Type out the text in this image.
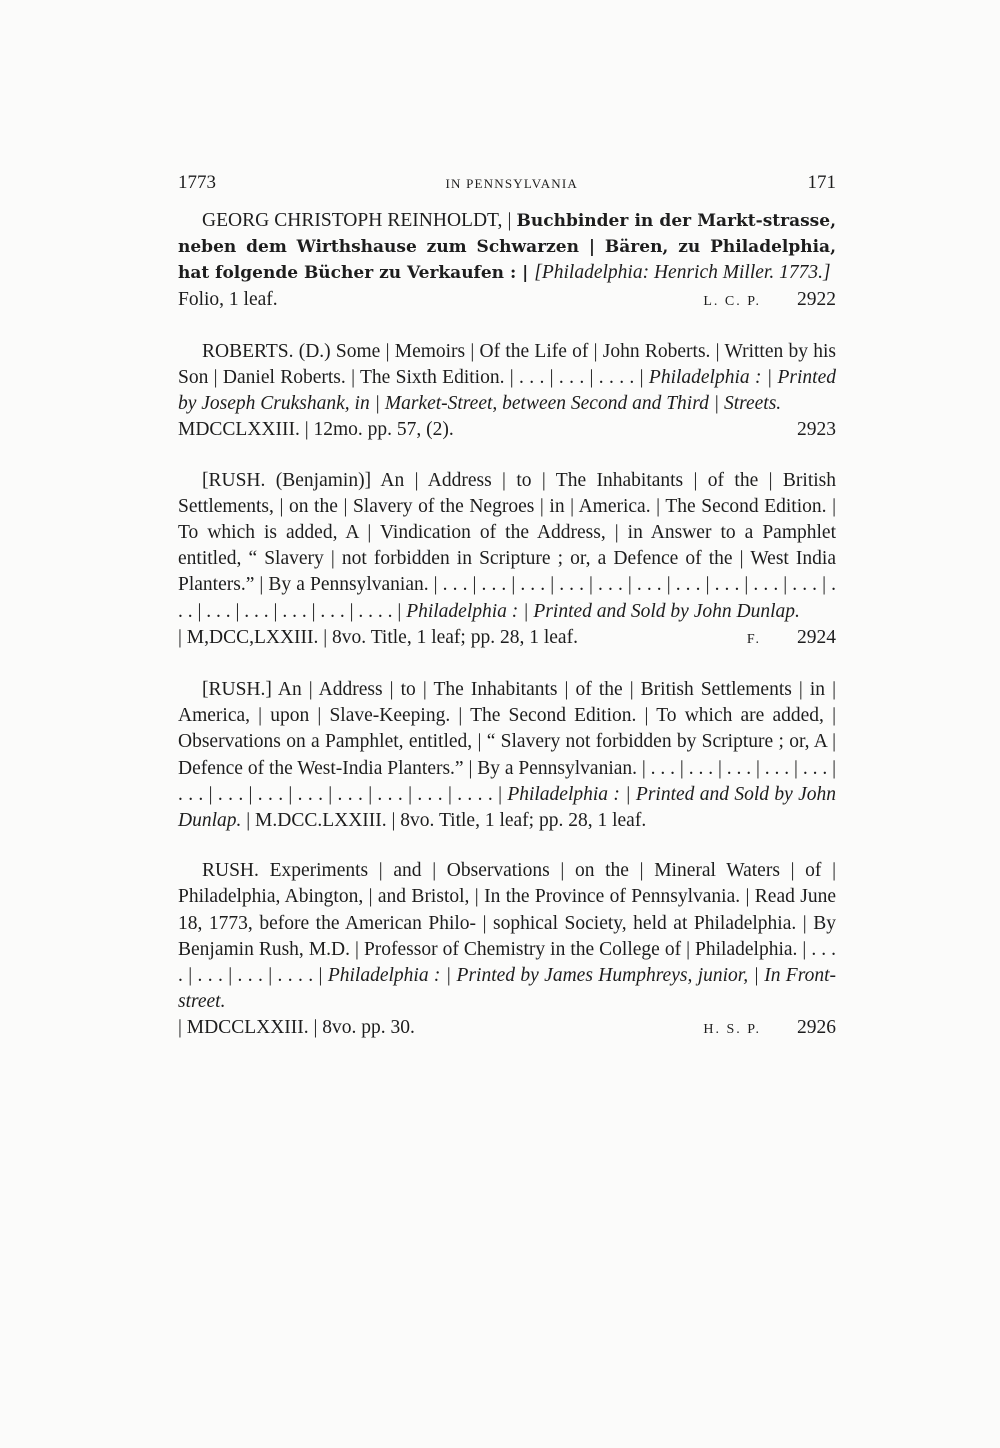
1773	IN PENNSYLVANIA	171

GEORG CHRISTOPH REINHOLDT, | Buchbinder in der Markt-strasse, neben dem Wirthshause zum Schwarzen | Bären, zu Philadelphia, hat folgende Bücher zu Verkaufen : | [Philadelphia: Henrich Miller. 1773.]

Folio, 1 leaf.	L. C. P. 2922

ROBERTS. (D.) Some | Memoirs | Of the Life of | John Roberts. | Written by his Son | Daniel Roberts. | The Sixth Edition. | . . . | . . . | . . . . | Philadelphia : | Printed by Joseph Crukshank, in | Market-Street, between Second and Third | Streets.

MDCCLXXIII. | 12mo. pp. 57, (2).	2923

[RUSH. (Benjamin)] An | Address | to | The Inhabitants | of the | British Settlements, | on the | Slavery of the Negroes | in | America. | The Second Edition. | To which is added, A | Vindication of the Address, | in Answer to a Pamphlet entitled, “ Slavery | not forbidden in Scripture ; or, a Defence of the | West India Planters.” | By a Pennsylvanian. | . . . | . . . | . . . | . . . | . . . | . . . | . . . | . . . | . . . | . . . | . . . | . . . | . . . | . . . | . . . | . . . . | Philadelphia : | Printed and Sold by John Dunlap.

| M,DCC,LXXIII. | 8vo. Title, 1 leaf; pp. 28, 1 leaf.	F. 2924

[RUSH.] An | Address | to | The Inhabitants | of the | British Settlements | in | America, | upon | Slave-Keeping. | The Second Edition. | To which are added, | Observations on a Pamphlet, entitled, | “ Slavery not forbidden by Scripture ; or, A | Defence of the West-India Planters.” | By a Pennsylvanian. | . . . | . . . | . . . | . . . | . . . | . . . | . . . | . . . | . . . | . . . | . . . | . . . | . . . . | Philadelphia : | Printed and Sold by John Dunlap. | M.DCC.LXXIII. | 8vo. Title, 1 leaf; pp. 28, 1 leaf.

RUSH. Experiments | and | Observations | on the | Mineral Waters | of | Philadelphia, Abington, | and Bristol, | In the Province of Pennsylvania. | Read June 18, 1773, before the American Philo- | sophical Society, held at Philadelphia. | By Benjamin Rush, M.D. | Professor of Chemistry in the College of | Philadelphia. | . . . . | . . . | . . . | . . . . | Philadelphia : | Printed by James Humphreys, junior, | In Front-street.

| MDCCLXXIII. | 8vo. pp. 30.	H. S. P. 2926
